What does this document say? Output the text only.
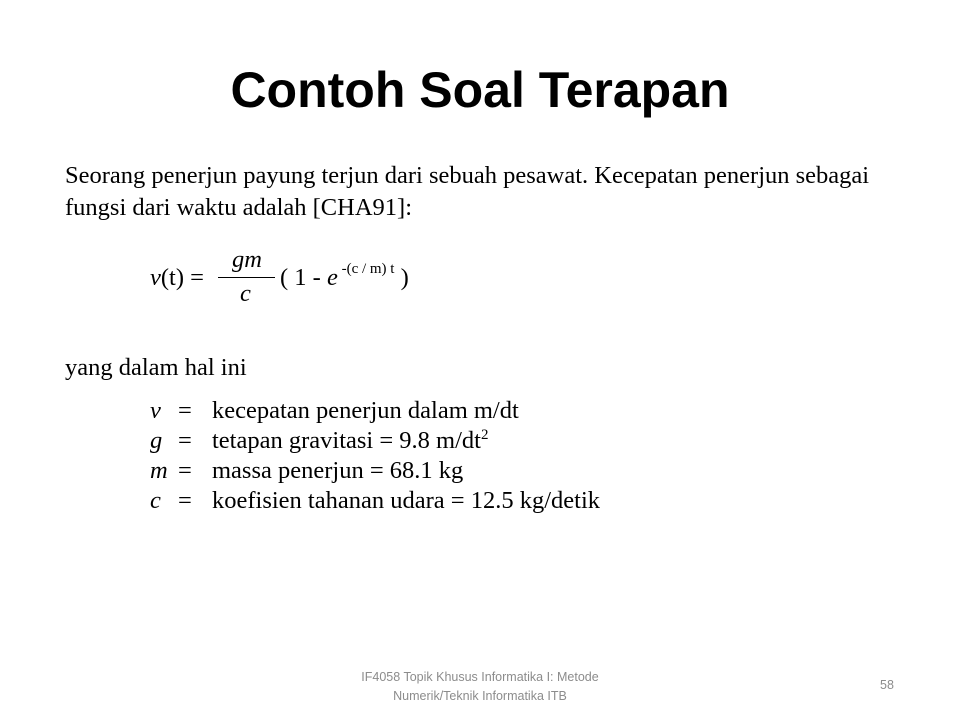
Contoh Soal Terapan
Seorang penerjun payung terjun dari sebuah pesawat. Kecepatan penerjun sebagai
fungsi dari waktu adalah [CHA91]:
v(t) =
gm
c
( 1 - e $^{-(c / m) t}$ )
yang dalam hal ini
v = kecepatan penerjun dalam m/dt
g = tetapan gravitasi = 9.8 $m/dt^2$
m = massa penerjun = 68.1 kg
c = koefisien tahanan udara = 12.5 kg/detik
IF4058 Topik Khusus Informatika I: Metode
Numerik/Teknik Informatika ITB
58
